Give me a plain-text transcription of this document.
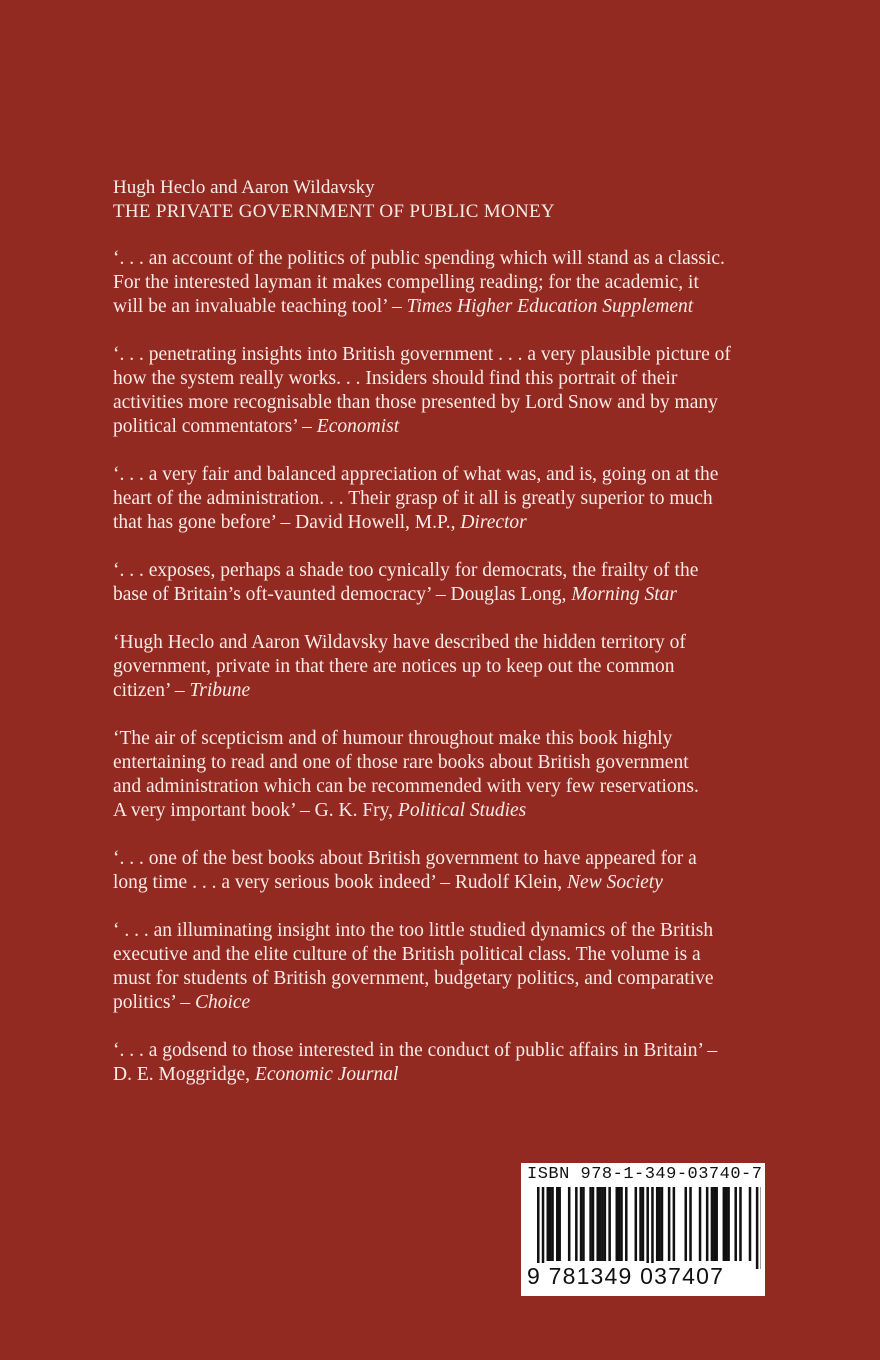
Hugh Heclo and Aaron Wildavsky
THE PRIVATE GOVERNMENT OF PUBLIC MONEY
‘. . . an account of the politics of public spending which will stand as a classic.
For the interested layman it makes compelling reading; for the academic, it
will be an invaluable teaching tool’ – Times Higher Education Supplement
‘. . . penetrating insights into British government . . . a very plausible picture of
how the system really works. . . Insiders should find this portrait of their
activities more recognisable than those presented by Lord Snow and by many
political commentators’ – Economist
‘. . . a very fair and balanced appreciation of what was, and is, going on at the
heart of the administration. . . Their grasp of it all is greatly superior to much
that has gone before’ – David Howell, M.P., Director
‘. . . exposes, perhaps a shade too cynically for democrats, the frailty of the
base of Britain’s oft-vaunted democracy’ – Douglas Long, Morning Star
‘Hugh Heclo and Aaron Wildavsky have described the hidden territory of
government, private in that there are notices up to keep out the common
citizen’ – Tribune
‘The air of scepticism and of humour throughout make this book highly
entertaining to read and one of those rare books about British government
and administration which can be recommended with very few reservations.
A very important book’ – G. K. Fry, Political Studies
‘. . . one of the best books about British government to have appeared for a
long time . . . a very serious book indeed’ – Rudolf Klein, New Society
‘ . . . an illuminating insight into the too little studied dynamics of the British
executive and the elite culture of the British political class. The volume is a
must for students of British government, budgetary politics, and comparative
politics’ – Choice
‘. . . a godsend to those interested in the conduct of public affairs in Britain’ –
D. E. Moggridge, Economic Journal
ISBN 978-1-349-03740-7
9 781349 037407
